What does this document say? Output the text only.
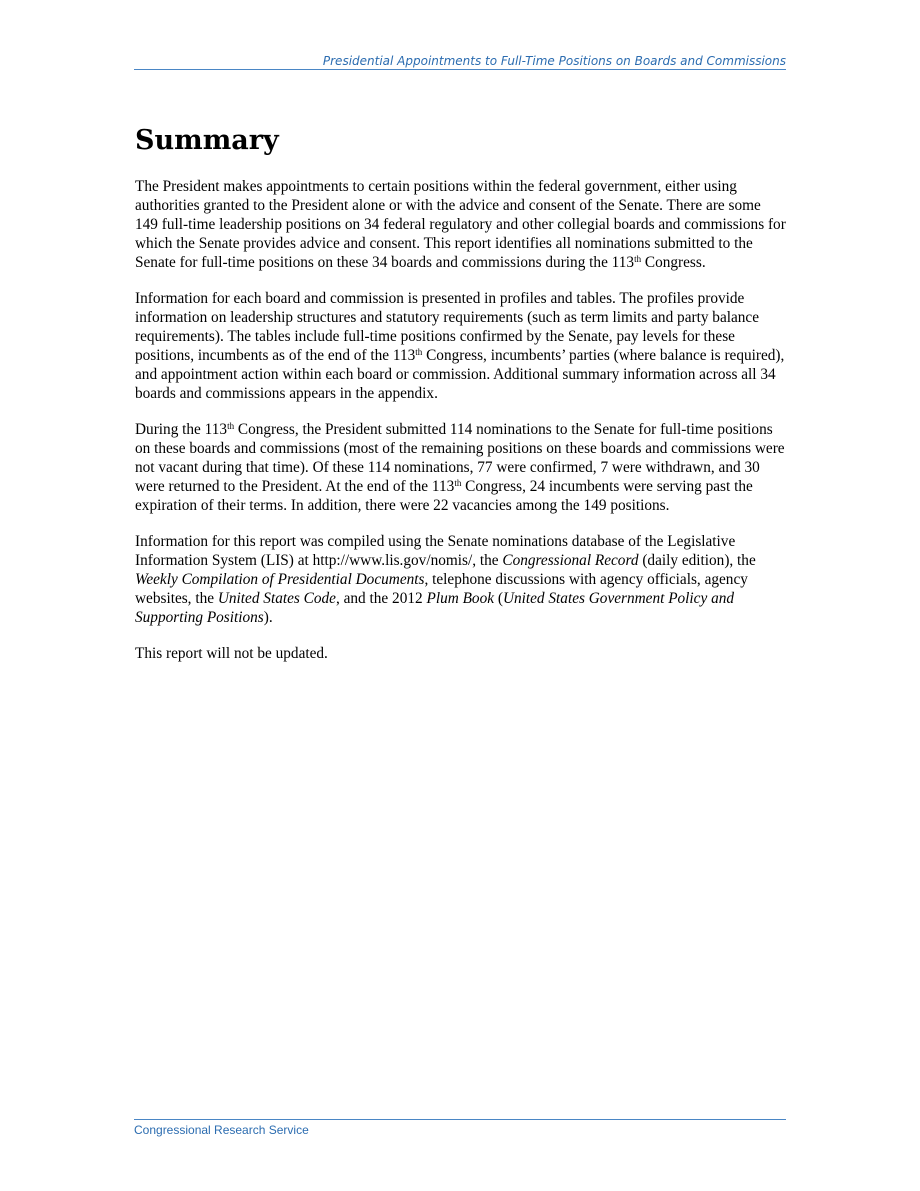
Presidential Appointments to Full-Time Positions on Boards and Commissions
Summary

The President makes appointments to certain positions within the federal government, either using authorities granted to the President alone or with the advice and consent of the Senate. There are some 149 full-time leadership positions on 34 federal regulatory and other collegial boards and commissions for which the Senate provides advice and consent. This report identifies all nominations submitted to the Senate for full-time positions on these 34 boards and commissions during the 113th Congress.

Information for each board and commission is presented in profiles and tables. The profiles provide information on leadership structures and statutory requirements (such as term limits and party balance requirements). The tables include full-time positions confirmed by the Senate, pay levels for these positions, incumbents as of the end of the 113th Congress, incumbents’ parties (where balance is required), and appointment action within each board or commission. Additional summary information across all 34 boards and commissions appears in the appendix.

During the 113th Congress, the President submitted 114 nominations to the Senate for full-time positions on these boards and commissions (most of the remaining positions on these boards and commissions were not vacant during that time). Of these 114 nominations, 77 were confirmed, 7 were withdrawn, and 30 were returned to the President. At the end of the 113th Congress, 24 incumbents were serving past the expiration of their terms. In addition, there were 22 vacancies among the 149 positions.

Information for this report was compiled using the Senate nominations database of the Legislative Information System (LIS) at http://www.lis.gov/nomis/, the Congressional Record (daily edition), the Weekly Compilation of Presidential Documents, telephone discussions with agency officials, agency websites, the United States Code, and the 2012 Plum Book (United States Government Policy and Supporting Positions).

This report will not be updated.

Congressional Research Service
